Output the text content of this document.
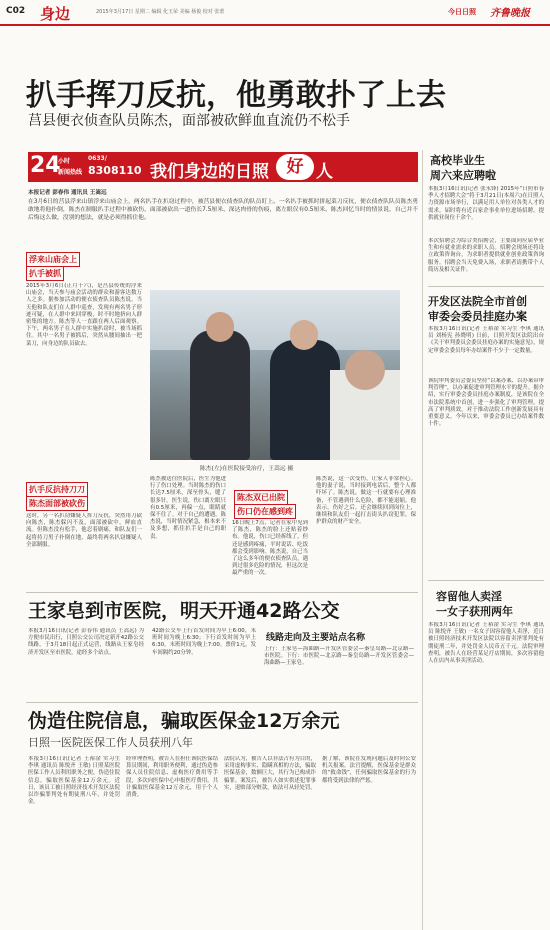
C02 身边	2015年3月17日 星期二 编辑 化玉荣 美编 杨俊 校对 张蕾	今日日照 齐鲁晚报
扒手挥刀反抗，他勇敢扑了上去
莒县便衣侦查队员陈杰，面部被砍鲜血直流仍不松手
24
小时
新闻热线
0633/
8308110 我们身边的日照	好 人
本报记者 彭春伟 通讯员 王嵩远
在3月6日的莒县浮来山镇浮来山庙会上，两名扒手在扒窃过程中，被莒县便衣侦查队的队员盯上。一名扒手被抓时拼起菜刀反抗，便衣侦查队队员陈杰勇敢地将他扑倒，陈杰在制服扒手过程中被砍伤，面部被砍出一道伤长7.5厘米、深达肉骨的伤痕，离左眼仅有0.5厘米。陈杰回忆当时的情景说，自己并不后悔这么做，没别的想法，就是必须得抓住他。
浮来山庙会上
扒手被抓
2015年3月6日(正月十六)，是莒县传统的浮来山庙会，当天参与庙会活动的群众和游客达数万人之多。据参加活动的便衣侦查队员陈杰说，当天他和队友们在人群中巡查，发现有两名男子形迹可疑，在人群中来回穿梭，时不时地挤向人群密集的地方。陈杰等人一直跟在两人后面观察。下午，两名男子在人群中实施扒窃时，被当场抓住。其中一名男子被抓后，突然从腰间抽出一把菜刀，向身边的队员砍去。
扒手反抗持刀刀
陈杰面部被砍伤
这时，另一名扒窃嫌疑人挥刀反抗，突然用刀砍向陈杰，陈杰躲闪不及，面部被砍中，鲜血直流。但陈杰没有松手，他忍着剧痛，和队友们一起将持刀男子扑倒在地，最终将两名扒窃嫌疑人全部制服。
陈杰(左)在医院接受治疗，王嵩远 摄
陈杰被送往医院后，医生为他进行了伤口处理。当时陈杰的伤口长达7.5厘米，深至骨头，缝了很多针。医生说，伤口离左眼只有0.5厘米，再偏一点，眼睛就保不住了。对于自己的遭遇，陈杰说，当时情况紧急，根本来不及多想，抓住扒手是自己的职责。
陈杰双已出院
伤口仍在感到疼
16日晚上7点，记者在家中见到了陈杰，陈杰的脸上还贴着纱布。他说，伤口已经拆线了，但还是感到疼痛，平时说话、吃饭都会受到影响。陈杰说，自己当了这么多年的便衣侦查队员，遇到过很多危险的情况，但这次是最严重的一次。
陈杰说，这一次受伤，让家人非常担心。他的妻子说，当时接到电话后，整个人都吓坏了。陈杰说，做这一行就要有心理准备，不管遇到什么危险，都不能退缩。他表示，伤好之后，还会继续回到岗位上，继续和队友们一起打击街头扒窃犯罪，保护群众的财产安全。
高校毕业生
周六来应聘啦
本报3月16日讯(记者 张永锋) 2015年“日照市春季人才招聘大会”将于3月21日(本周六)在日照人力资源市场举行，以满足用人单位对各类人才的需求。届时将有近百家企事业单位进场招聘，提供就业岗位千余个。
本次招聘会为综合类招聘会，主要面向应届毕业生和有就业需求的求职人员。招聘会现场还将设立政策咨询台，为求职者提供就业创业政策咨询服务。招聘会当天免费入场，求职者请携带个人简历及相关证件。
开发区法院全市首创
审委会委员挂庭办案
本报3月16日讯(记者 王裕淦 实习生 李琪 通讯员 刘杨宪 孙晓明) 日前，日照开发区法院出台《关于审判委员会委员挂庭办案的实施意见》，规定审委会委员每年办结案件不少于一定数量。
该院审判委员会委员坚持“以案办案、以办案带审判管理”，以办案促进审判管理水平的提升。据介绍，实行审委会委员挂庭办案制度，是该院在全市法院系统中首创，进一步强化了审判管理，提高了审判质效，对于推动法院工作创新发展具有重要意义。今年以来，审委会委员已办结案件数十件。
容留他人卖淫
一女子获刑两年
本报3月16日讯(记者 王裕淦 实习生 李琪 通讯员 陈悦齐 王敏) 一名女子因容留他人卖淫，近日被日照经济技术开发区法院以容留卖淫罪判处有期徒刑二年，并处罚金人民币五千元。法院审理查明，被告人在经营某足疗店期间，多次容留他人在店内从事卖淫活动。
王家皂到市医院，明天开通42路公交
本报3月16日讯(记者 彭春伟 通讯员 王嵩远) 为方便市民出行，日照公交公司决定新开42路公交线路，于3月18日起正式运营，线路从王家皂经济开发区至市医院，途经多个站点。
42路公交车上行首发时间为早上6:00，末班时间为晚上6:30；下行首发时间为早上6:30，末班时间为晚上7:00。票价1元，发车间隔约20分钟。
线路走向及主要站点名称
上行：王家皂—海曲路—开发区管委会—秦皇岛路—北京路—市医院。下行：市医院—北京路—秦皇岛路—开发区管委会—海曲路—王家皂。
伪造住院信息，骗取医保金12万余元
日照一医院医保工作人员获刑八年
本报3月16日讯(记者 王裕淦 实习生 李琪 通讯员 陈悦齐 王敏) 日照某医院医保工作人员利用职务之便，伪造住院信息，骗取医保基金12万余元。近日，该员工被日照经济技术开发区法院以诈骗罪判处有期徒刑八年，并处罚金。
经审理查明，被告人在担任该院医保结算员期间，利用职务便利，通过伪造参保人员住院信息、虚构医疗费用等手段，多次向医保中心申报医疗费用，共计骗取医保基金12万余元，用于个人消费。
法院认为，被告人以非法占有为目的，采用虚构事实、隐瞒真相的方法，骗取医保基金，数额巨大，其行为已构成诈骗罪。案发后，被告人如实供述犯罪事实，退赔部分赃款，依法可从轻处罚。
据了解，该院在发现问题后及时向公安机关报案。法官提醒，医保基金是群众的“救命钱”，任何骗取医保基金的行为都将受到法律的严惩。
